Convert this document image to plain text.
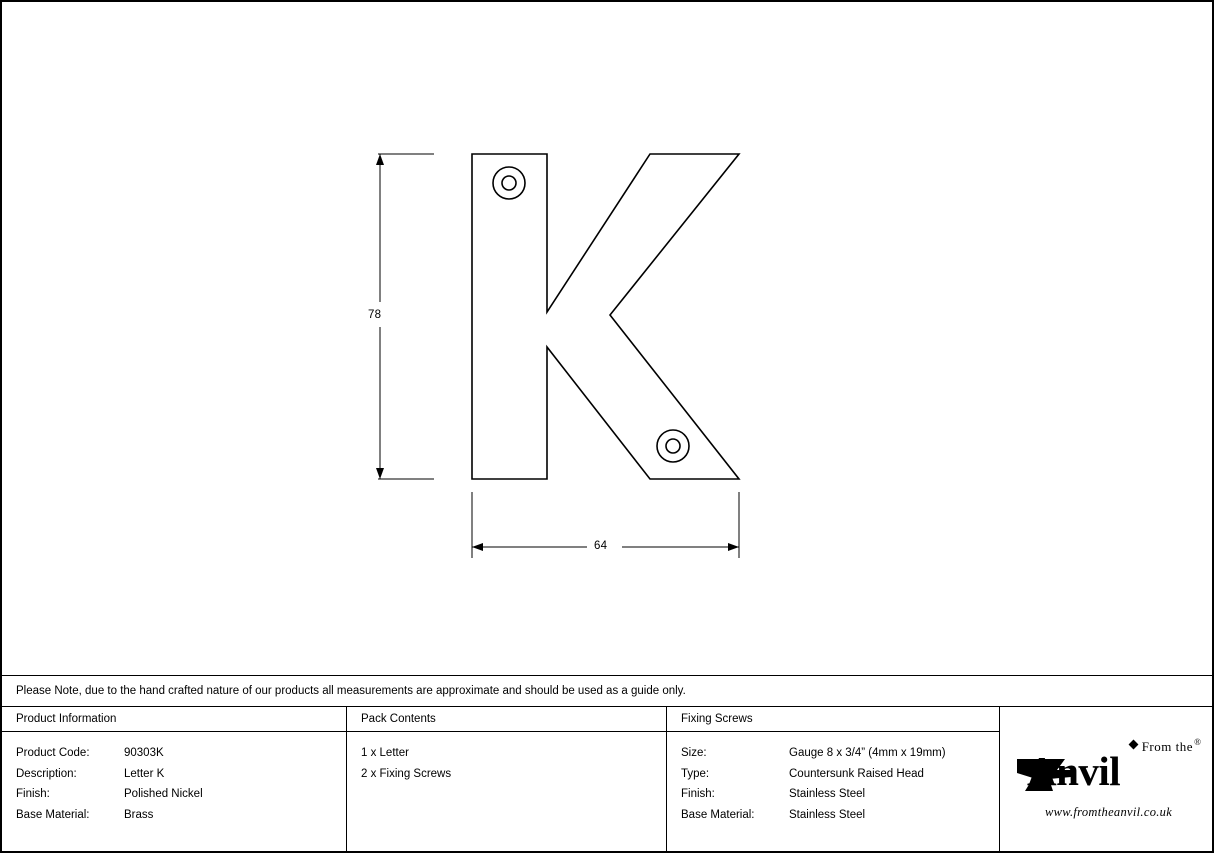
78
64
Please Note, due to the hand crafted nature of our products all measurements are approximate and should be used as a guide only.
Product Information
Product Code:	90303K
Description:	Letter K
Finish:	Polished Nickel
Base Material:	Brass
Pack Contents
1 x Letter
2 x Fixing Screws
Fixing Screws
Size:	Gauge 8 x 3/4” (4mm x 19mm)
Type:	Countersunk Raised Head
Finish:	Stainless Steel
Base Material:	Stainless Steel
From the
Anvil
®
www.fromtheanvil.co.uk
